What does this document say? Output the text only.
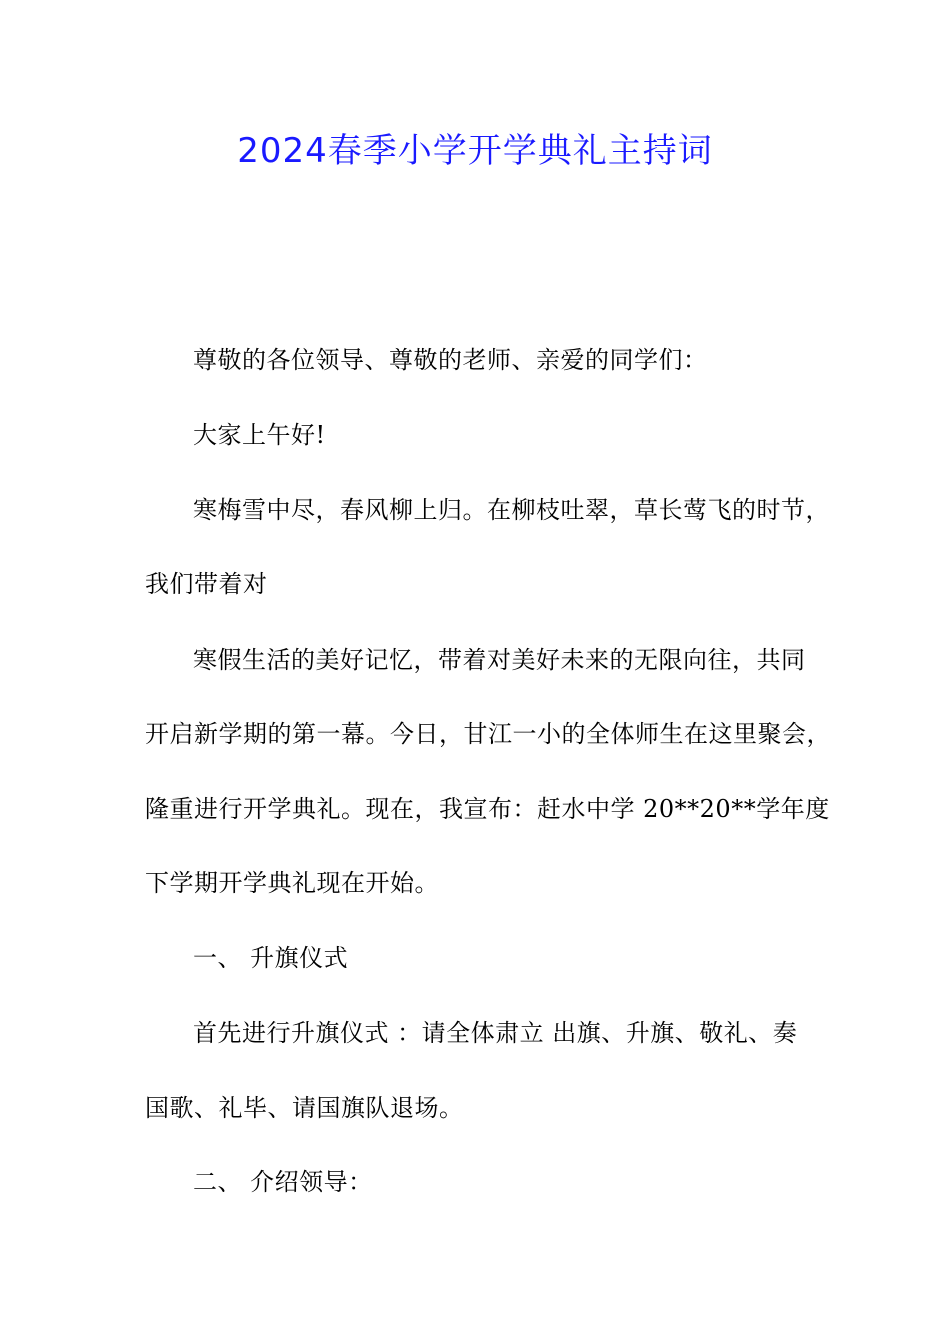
2024春季小学开学典礼主持词
尊敬的各位领导、尊敬的老师、亲爱的同学们：
大家上午好!
寒梅雪中尽，春风柳上归。在柳枝吐翠，草长莺飞的时节，
我们带着对
寒假生活的美好记忆，带着对美好未来的无限向往，共同
开启新学期的第一幕。今日，甘江一小的全体师生在这里聚会，
隆重进行开学典礼。现在，我宣布：赶水中学 20**20**学年度
下学期开学典礼现在开始。
一、 升旗仪式
首先进行升旗仪式 ：请全体肃立 出旗、升旗、敬礼、奏
国歌、礼毕、请国旗队退场。
二、 介绍领导：
